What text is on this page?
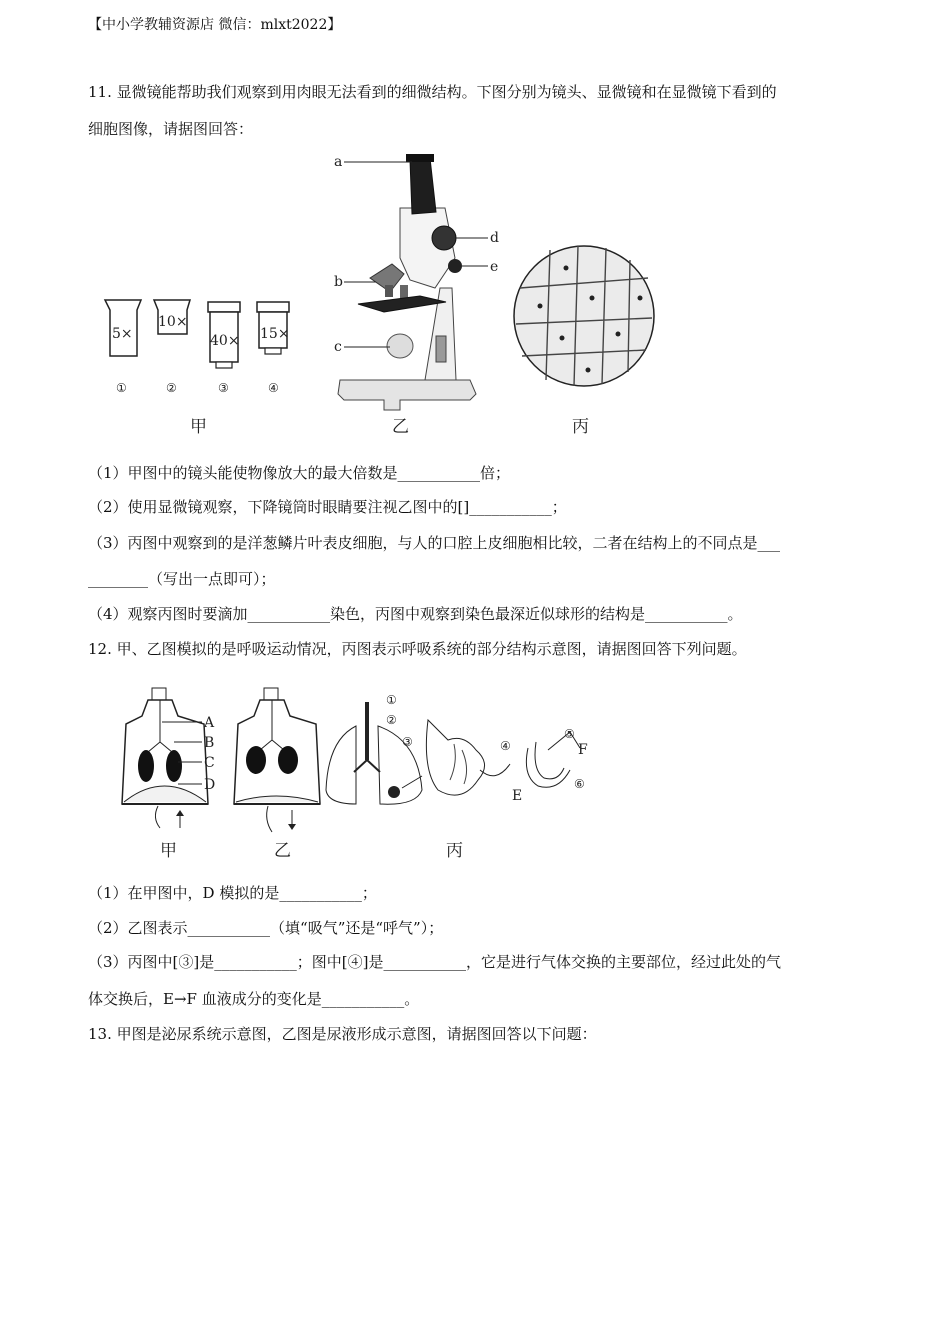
【中小学教辅资源店 微信：mlxt2022】
11. 显微镜能帮助我们观察到用肉眼无法看到的细微结构。下图分别为镜头、显微镜和在显微镜下看到的
细胞图像，请据图回答：
5×
①
10×
②
40×
③
15×
④
甲
a
d
e
b
c
乙	丙
（1）甲图中的镜头能使物像放大的最大倍数是___________倍；
（2）使用显微镜观察，下降镜筒时眼睛要注视乙图中的[]___________；
（3）丙图中观察到的是洋葱鳞片叶表皮细胞，与人的口腔上皮细胞相比较，二者在结构上的不同点是___
________（写出一点即可）；
（4）观察丙图时要滴加___________染色，丙图中观察到染色最深近似球形的结构是___________。
12. 甲、乙图模拟的是呼吸运动情况，丙图表示呼吸系统的部分结构示意图，请据图回答下列问题。
A
B
C
D
甲	乙
①
②
③	④
⑤
⑥
E
F
丙
（1）在甲图中，D 模拟的是___________；
（2）乙图表示___________（填“吸气”还是“呼气”）；
（3）丙图中[③]是___________；图中[④]是___________，它是进行气体交换的主要部位，经过此处的气
体交换后，E→F 血液成分的变化是___________。
13. 甲图是泌尿系统示意图，乙图是尿液形成示意图，请据图回答以下问题：
